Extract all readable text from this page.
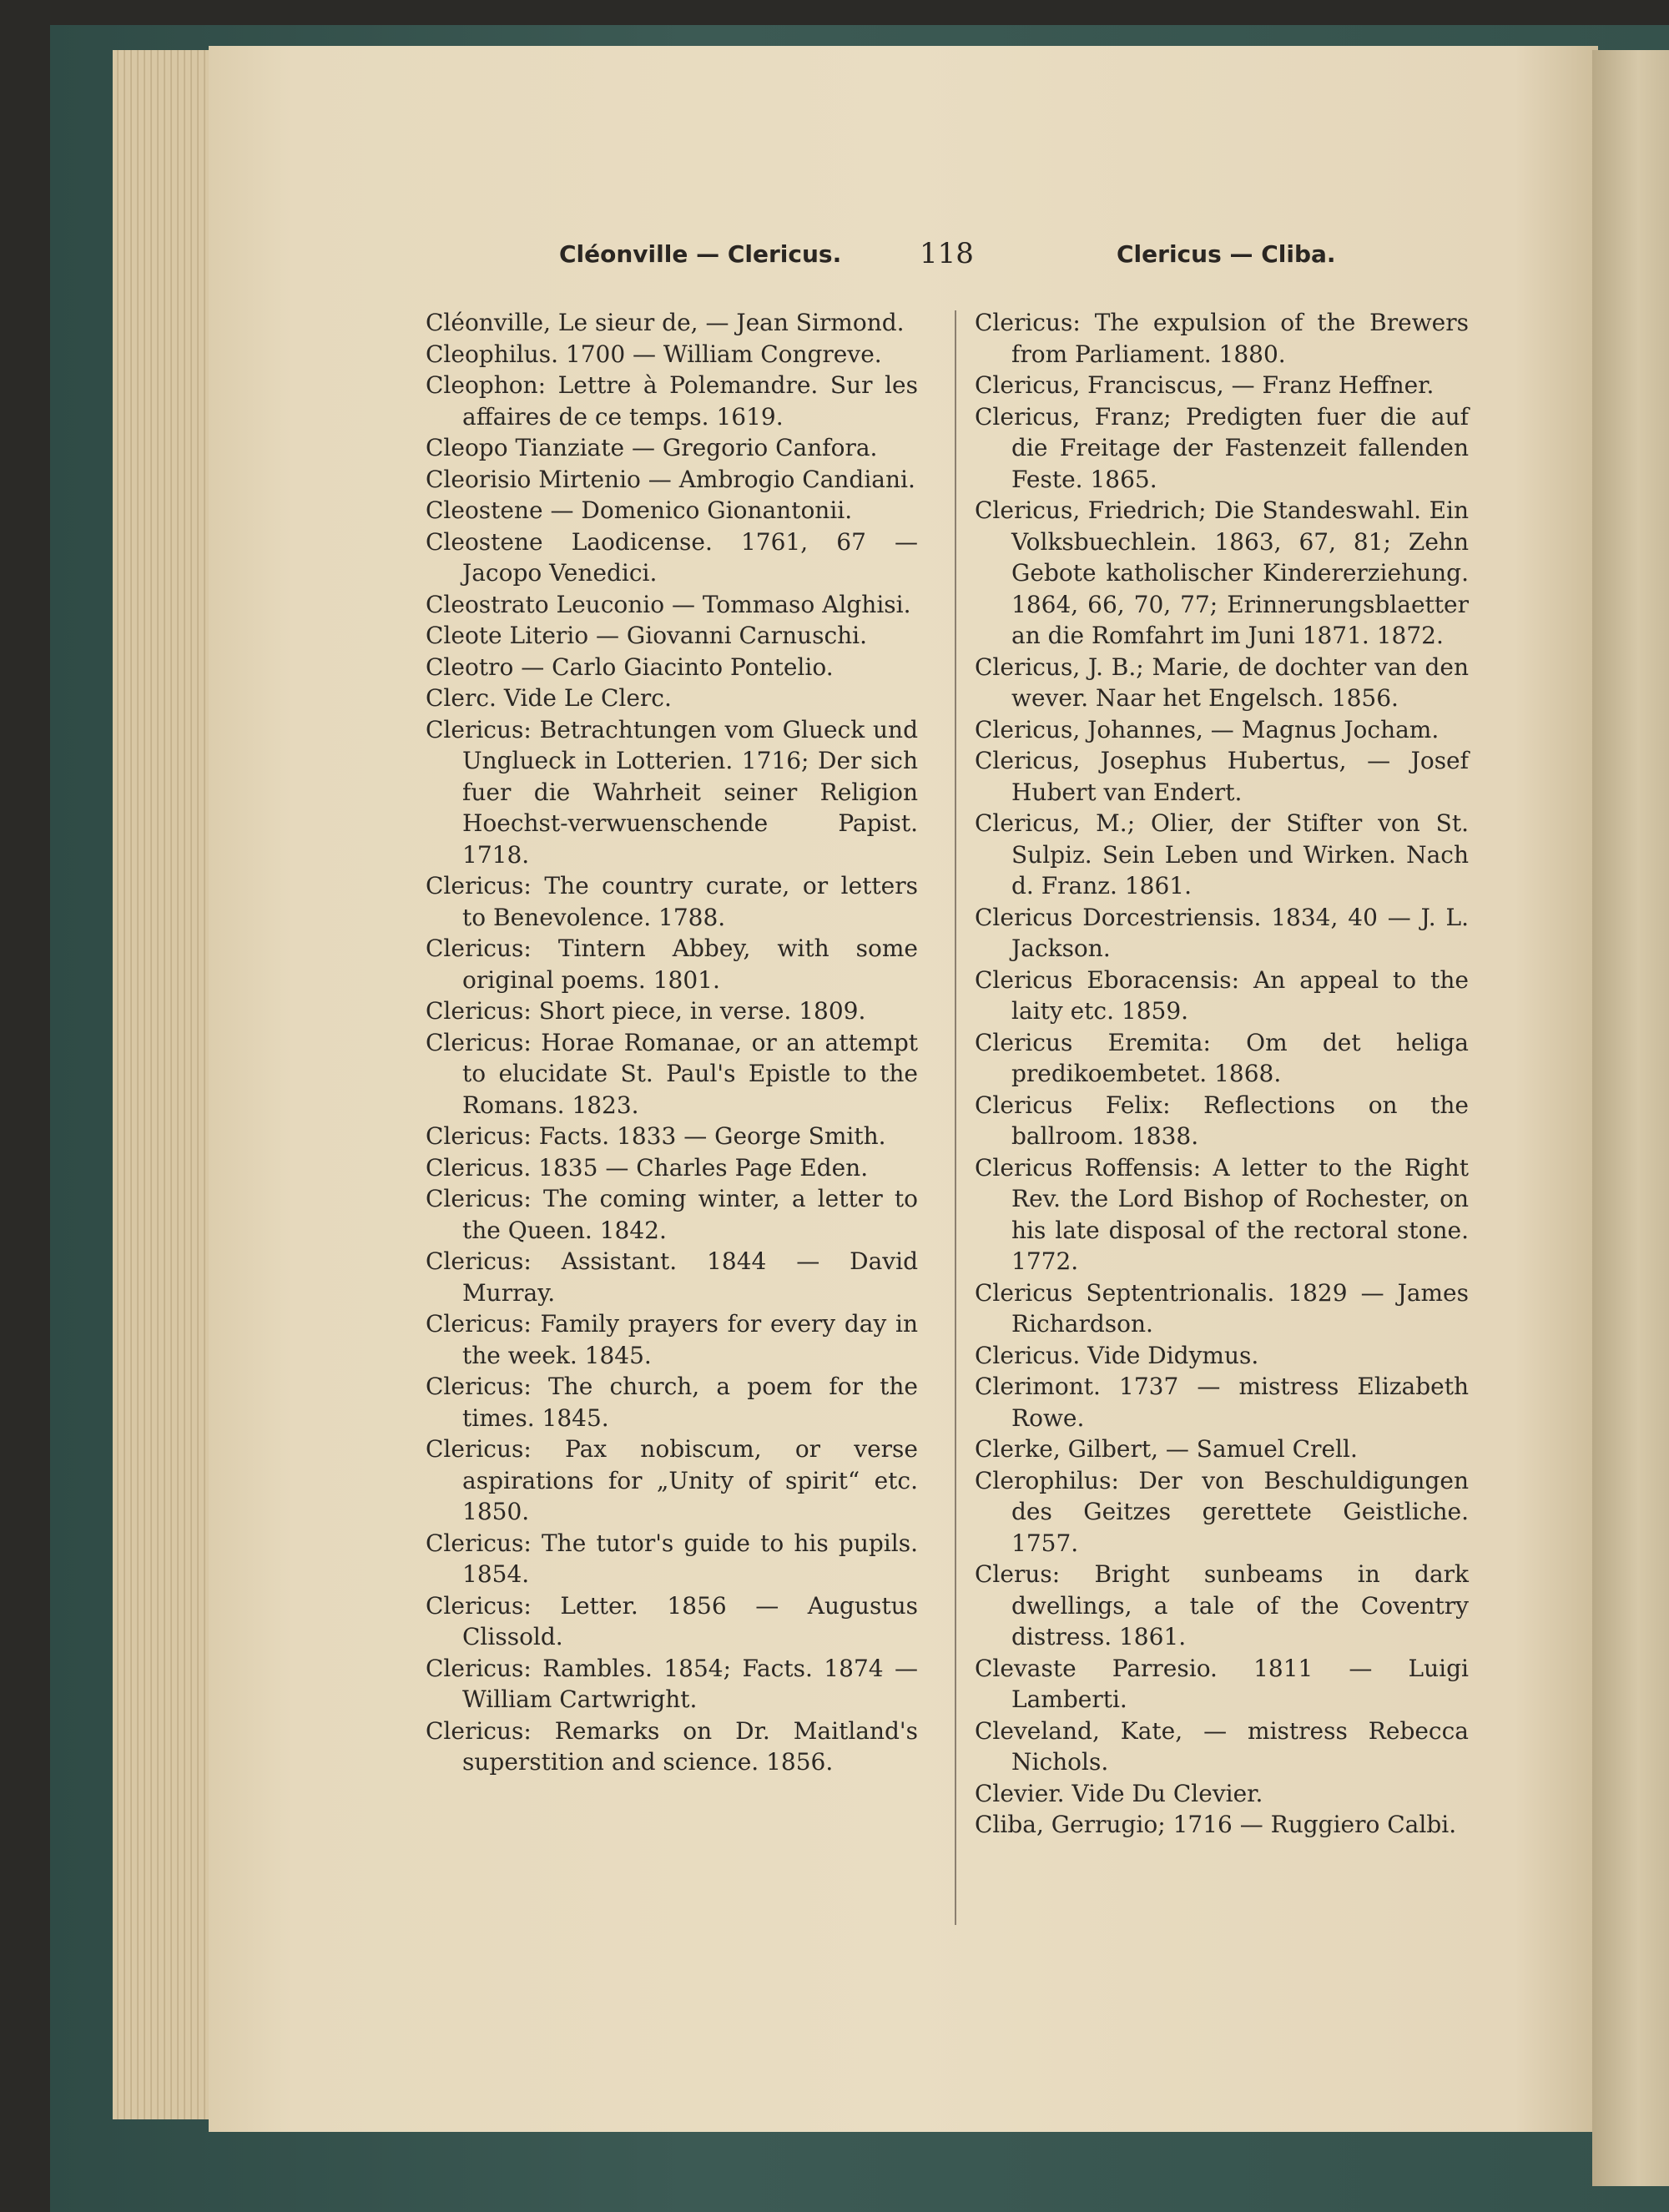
Cléonville — Clericus.	118	Clericus — Cliba.

Cléonville, Le sieur de, — Jean Sirmond.

Cleophilus. 1700 — William Congreve.

Cleophon: Lettre à Polemandre. Sur les affaires de ce temps. 1619.

Cleopo Tianziate — Gregorio Canfora.

Cleorisio Mirtenio — Ambrogio Candiani.

Cleostene — Domenico Gionantonii.

Cleostene Laodicense. 1761, 67 — Jacopo Venedici.

Cleostrato Leuconio — Tommaso Alghisi.

Cleote Literio — Giovanni Carnuschi.

Cleotro — Carlo Giacinto Pontelio.

Clerc. Vide Le Clerc.

Clericus: Betrachtungen vom Glueck und Unglueck in Lotterien. 1716; Der sich fuer die Wahrheit seiner Religion Hoechst-verwuenschende Papist. 1718.

Clericus: The country curate, or letters to Benevolence. 1788.

Clericus: Tintern Abbey, with some original poems. 1801.

Clericus: Short piece, in verse. 1809.

Clericus: Horae Romanae, or an attempt to elucidate St. Paul's Epistle to the Romans. 1823.

Clericus: Facts. 1833 — George Smith.

Clericus. 1835 — Charles Page Eden.

Clericus: The coming winter, a letter to the Queen. 1842.

Clericus: Assistant. 1844 — David Murray.

Clericus: Family prayers for every day in the week. 1845.

Clericus: The church, a poem for the times. 1845.

Clericus: Pax nobiscum, or verse aspirations for „Unity of spirit“ etc. 1850.

Clericus: The tutor's guide to his pupils. 1854.

Clericus: Letter. 1856 — Augustus Clissold.

Clericus: Rambles. 1854; Facts. 1874 — William Cartwright.

Clericus: Remarks on Dr. Maitland's superstition and science. 1856.

Clericus: The expulsion of the Brewers from Parliament. 1880.

Clericus, Franciscus, — Franz Heffner.

Clericus, Franz; Predigten fuer die auf die Freitage der Fastenzeit fallenden Feste. 1865.

Clericus, Friedrich; Die Standeswahl. Ein Volksbuechlein. 1863, 67, 81; Zehn Gebote katholischer Kindererziehung. 1864, 66, 70, 77; Erinnerungsblaetter an die Romfahrt im Juni 1871. 1872.

Clericus, J. B.; Marie, de dochter van den wever. Naar het Engelsch. 1856.

Clericus, Johannes, — Magnus Jocham.

Clericus, Josephus Hubertus, — Josef Hubert van Endert.

Clericus, M.; Olier, der Stifter von St. Sulpiz. Sein Leben und Wirken. Nach d. Franz. 1861.

Clericus Dorcestriensis. 1834, 40 — J. L. Jackson.

Clericus Eboracensis: An appeal to the laity etc. 1859.

Clericus Eremita: Om det heliga predikoembetet. 1868.

Clericus Felix: Reflections on the ballroom. 1838.

Clericus Roffensis: A letter to the Right Rev. the Lord Bishop of Rochester, on his late disposal of the rectoral stone. 1772.

Clericus Septentrionalis. 1829 — James Richardson.

Clericus. Vide Didymus.

Clerimont. 1737 — mistress Elizabeth Rowe.

Clerke, Gilbert, — Samuel Crell.

Clerophilus: Der von Beschuldigungen des Geitzes gerettete Geistliche. 1757.

Clerus: Bright sunbeams in dark dwellings, a tale of the Coventry distress. 1861.

Clevaste Parresio. 1811 — Luigi Lamberti.

Cleveland, Kate, — mistress Rebecca Nichols.

Clevier. Vide Du Clevier.

Cliba, Gerrugio; 1716 — Ruggiero Calbi.
